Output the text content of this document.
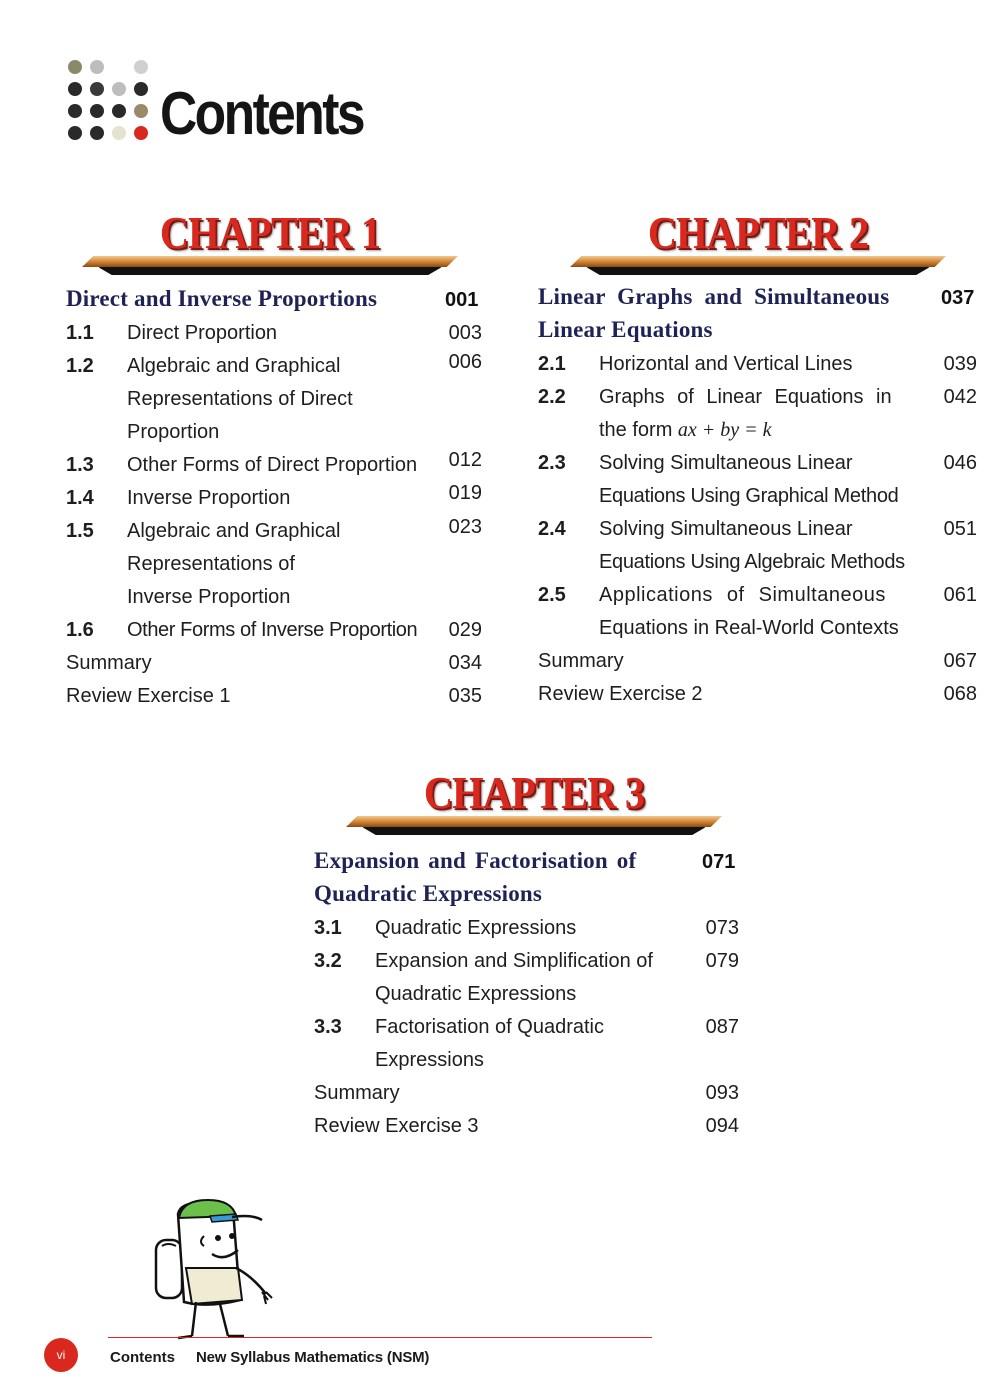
Contents
CHAPTER 1
Direct and Inverse Proportions	001
1.1 Direct Proportion	003
1.2 Algebraic and Graphical
Representations of Direct
Proportion
006
1.3 Other Forms of Direct Proportion 012
1.4 Inverse Proportion	019
1.5 Algebraic and Graphical
Representations of
Inverse Proportion
023
1.6 Other Forms of Inverse Proportion 029
Summary	034
Review Exercise 1	035
CHAPTER 2
Linear Graphs and Simultaneous
Linear Equations
037
2.1 Horizontal and Vertical Lines	039
2.2 Graphs of Linear Equations in
the form ax + by = k
042
2.3 Solving Simultaneous Linear
Equations Using Graphical Method
046
2.4 Solving Simultaneous Linear
Equations Using Algebraic Methods
051
2.5 Applications of Simultaneous
Equations in Real-World Contexts
061
Summary	067
Review Exercise 2	068
CHAPTER 3
Expansion and Factorisation of
Quadratic Expressions
071
3.1 Quadratic Expressions	073
3.2 Expansion and Simplification of
Quadratic Expressions
079
3.3 Factorisation of Quadratic
Expressions
087
Summary	093
Review Exercise 3	094
vi	Contents New Syllabus Mathematics (NSM)
